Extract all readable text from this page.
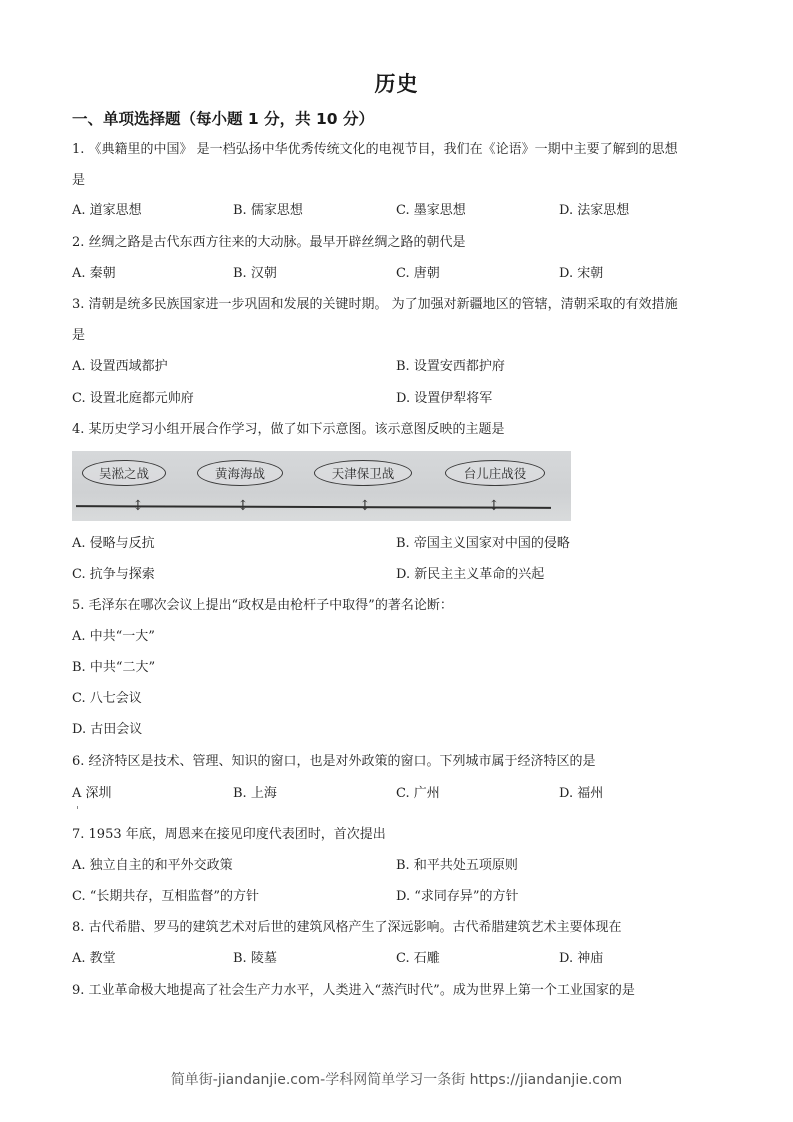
历史
一、单项选择题（每小题 1 分，共 10 分）
1. 《典籍里的中国》 是一档弘扬中华优秀传统文化的电视节目，我们在《论语》一期中主要了解到的思想
是
A. 道家思想	B. 儒家思想	C. 墨家思想	D. 法家思想
2. 丝绸之路是古代东西方往来的大动脉。最早开辟丝绸之路的朝代是
A. 秦朝	B. 汉朝	C. 唐朝	D. 宋朝
3. 清朝是统多民族国家进一步巩固和发展的关键时期。 为了加强对新疆地区的管辖，清朝采取的有效措施
是
A. 设置西域都护	B. 设置安西都护府
C. 设置北庭都元帅府	D. 设置伊犁将军
4. 某历史学习小组开展合作学习，做了如下示意图。该示意图反映的主题是
吴淞之战	黄海海战	天津保卫战	台儿庄战役
↕	↕	↕	↕
A. 侵略与反抗	B. 帝国主义国家对中国的侵略
C. 抗争与探索	D. 新民主主义革命的兴起
5. 毛泽东在哪次会议上提出“政权是由枪杆子中取得”的著名论断：
A. 中共“一大”
B. 中共“二大”
C. 八七会议
D. 古田会议
6. 经济特区是技术、管理、知识的窗口，也是对外政策的窗口。下列城市属于经济特区的是
A 深圳	B. 上海	C. 广州	D. 福州
7. 1953 年底，周恩来在接见印度代表团时，首次提出
A. 独立自主的和平外交政策	B. 和平共处五项原则
C. “长期共存，互相监督”的方针	D. “求同存异”的方针
8. 古代希腊、罗马的建筑艺术对后世的建筑风格产生了深远影响。古代希腊建筑艺术主要体现在
A. 教堂	B. 陵墓	C. 石雕	D. 神庙
9. 工业革命极大地提高了社会生产力水平，人类进入“蒸汽时代”。成为世界上第一个工业国家的是
简单街-jiandanjie.com-学科网简单学习一条街 https://jiandanjie.com
